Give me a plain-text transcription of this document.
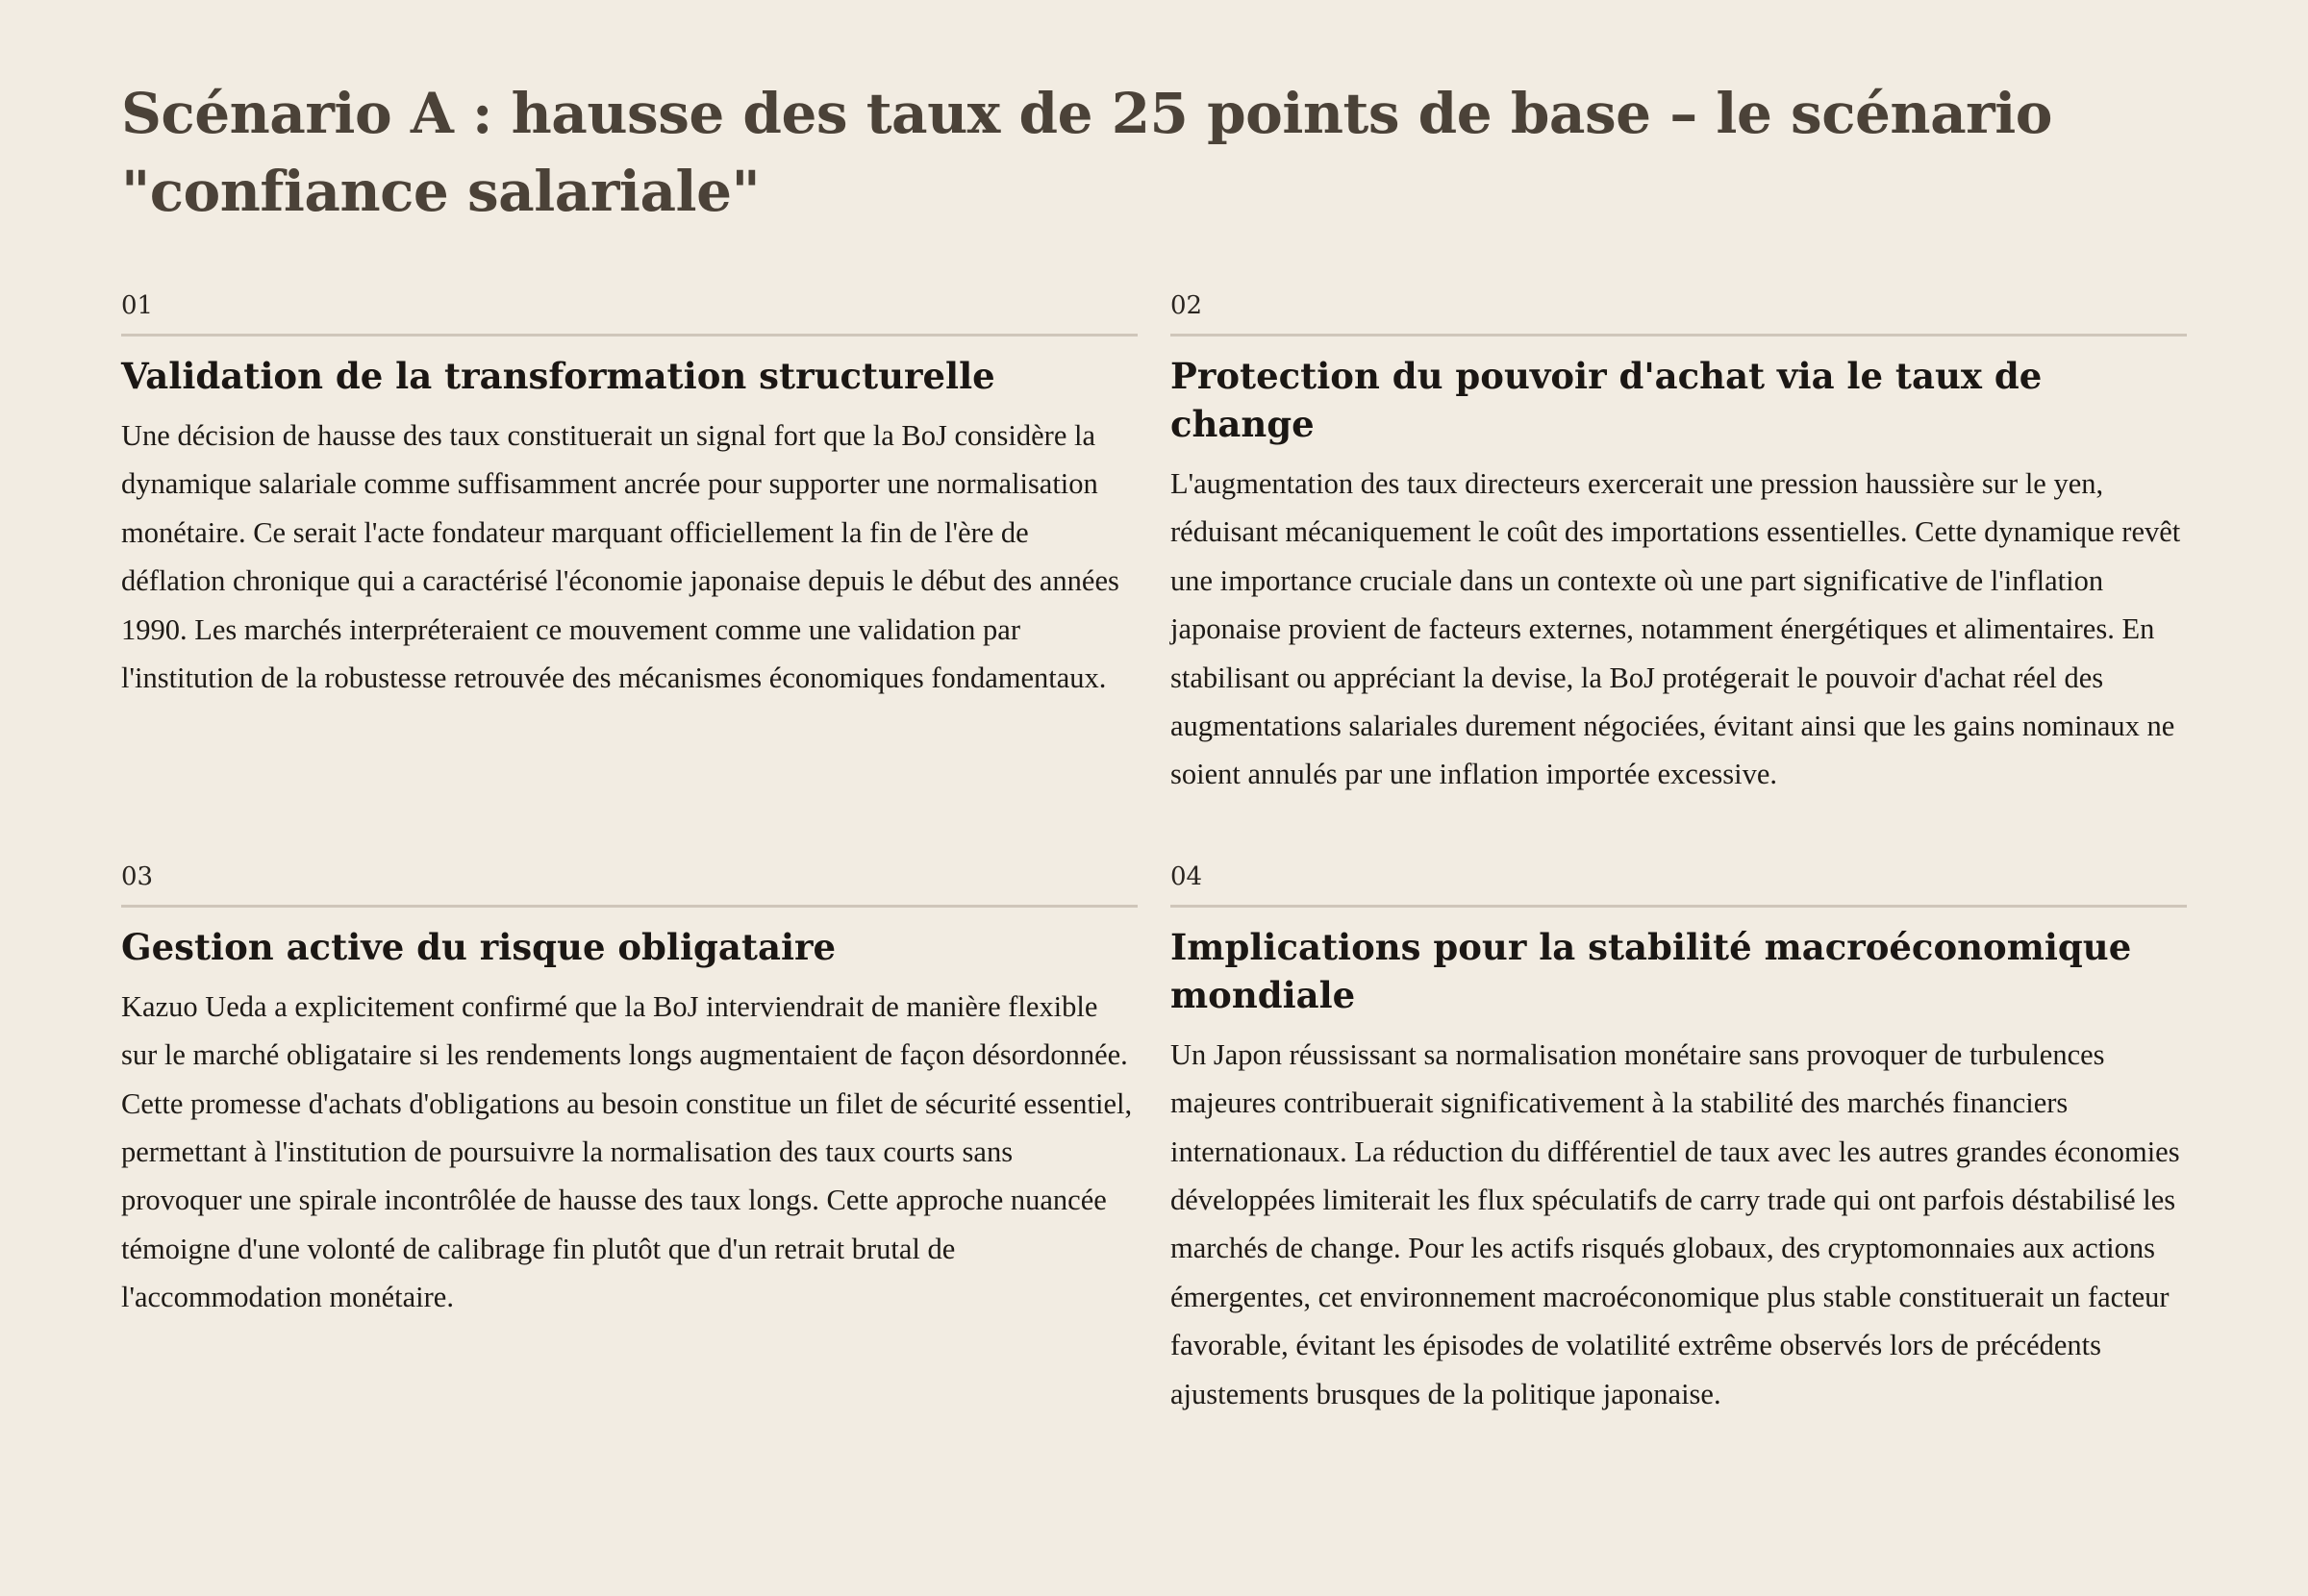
Scénario A : hausse des taux de 25 points de base – le scénario "confiance salariale"
01
Validation de la transformation structurelle

Une décision de hausse des taux constituerait un signal fort que la BoJ considère la dynamique salariale comme suffisamment ancrée pour supporter une normalisation monétaire. Ce serait l'acte fondateur marquant officiellement la fin de l'ère de déflation chronique qui a caractérisé l'économie japonaise depuis le début des années 1990. Les marchés interpréteraient ce mouvement comme une validation par l'institution de la robustesse retrouvée des mécanismes économiques fondamentaux.

02
Protection du pouvoir d'achat via le taux de change

L'augmentation des taux directeurs exercerait une pression haussière sur le yen, réduisant mécaniquement le coût des importations essentielles. Cette dynamique revêt une importance cruciale dans un contexte où une part significative de l'inflation japonaise provient de facteurs externes, notamment énergétiques et alimentaires. En stabilisant ou appréciant la devise, la BoJ protégerait le pouvoir d'achat réel des augmentations salariales durement négociées, évitant ainsi que les gains nominaux ne soient annulés par une inflation importée excessive.

03
Gestion active du risque obligataire

Kazuo Ueda a explicitement confirmé que la BoJ interviendrait de manière flexible sur le marché obligataire si les rendements longs augmentaient de façon désordonnée. Cette promesse d'achats d'obligations au besoin constitue un filet de sécurité essentiel, permettant à l'institution de poursuivre la normalisation des taux courts sans provoquer une spirale incontrôlée de hausse des taux longs. Cette approche nuancée témoigne d'une volonté de calibrage fin plutôt que d'un retrait brutal de l'accommodation monétaire.

04
Implications pour la stabilité macroéconomique mondiale

Un Japon réussissant sa normalisation monétaire sans provoquer de turbulences majeures contribuerait significativement à la stabilité des marchés financiers internationaux. La réduction du différentiel de taux avec les autres grandes économies développées limiterait les flux spéculatifs de carry trade qui ont parfois déstabilisé les marchés de change. Pour les actifs risqués globaux, des cryptomonnaies aux actions émergentes, cet environnement macroéconomique plus stable constituerait un facteur favorable, évitant les épisodes de volatilité extrême observés lors de précédents ajustements brusques de la politique japonaise.
